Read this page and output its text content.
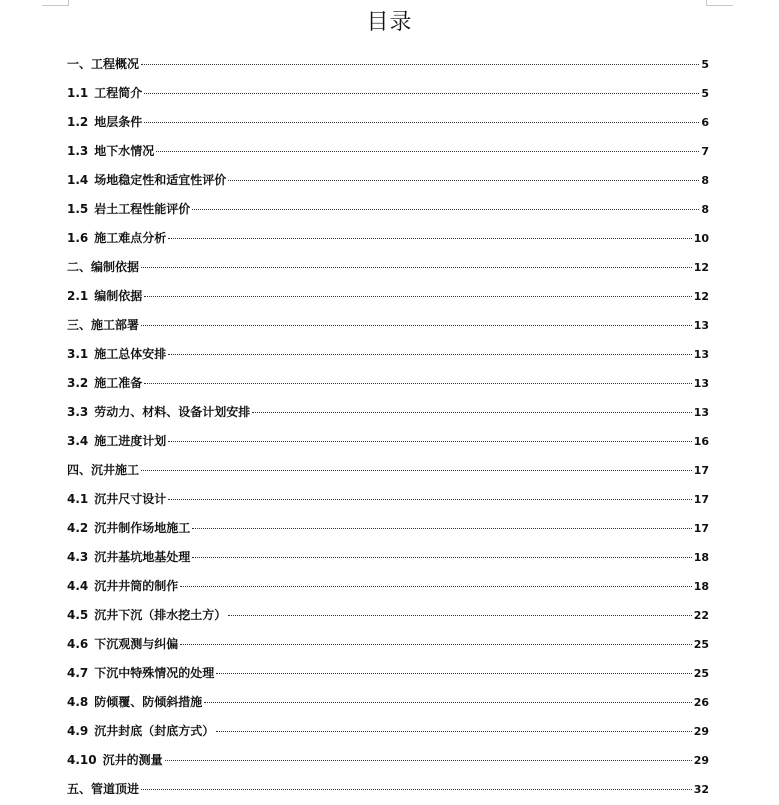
目录
一、工程概况	5
1.1 工程简介	5
1.2 地层条件	6
1.3 地下水情况	7
1.4 场地稳定性和适宜性评价	8
1.5 岩土工程性能评价	8
1.6 施工难点分析	10
二、编制依据	12
2.1 编制依据	12
三、施工部署	13
3.1 施工总体安排	13
3.2 施工准备	13
3.3 劳动力、材料、设备计划安排	13
3.4 施工进度计划	16
四、沉井施工	17
4.1 沉井尺寸设计	17
4.2 沉井制作场地施工	17
4.3 沉井基坑地基处理	18
4.4 沉井井筒的制作	18
4.5 沉井下沉（排水挖土方）	22
4.6 下沉观测与纠偏	25
4.7 下沉中特殊情况的处理	25
4.8 防倾覆、防倾斜措施	26
4.9 沉井封底（封底方式）	29
4.10 沉井的测量	29
五、管道顶进	32
